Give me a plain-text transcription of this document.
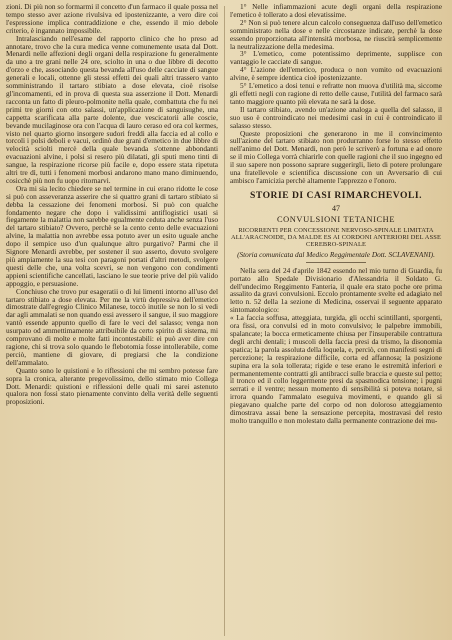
zioni. Di più non so formarmi il concetto d'un farmaco il quale possa nel tempo stesso aver azione rivulsiva ed ipostenizzante, a vero dire coi l'espressione implica contraddizione e che, essendo il mio debole criterio, è ingannato impossibile.

Intralasciando nell'esame del rapporto clinico che ho preso ad annotare, trovo che la cura medica venne comunemente usata dal Dott. Menardi nelle affezioni degli organi della respirazione fu generalmente da uno a tre grani nelle 24 ore, sciolto in una o due libbre di decotto d'orzo e che, associando questa bevanda all'uso delle cacciate di sangue generali e locali, ottenne gli stessi effetti dei quali altri trassero vanto somministrando il tartaro stibiato a dose elevata, cioè risolse gl'incomamenti, ed in prova di questa sua asserzione il Dott. Menardi racconta un fatto di pleuro-polmonite nella quale, combattuta che fu nei primi tre giorni con otto salassi, un'applicazione di sanguisughe, una cappetta scarificata alla parte dolente, due vescicatorii alle coscie, bevande mucilaginose ora con l'acqua di lauro ceraso ed ora col kermes, visto nel quarto giorno insorgere sudori freddi alla faccia ed al collo e torcoli i polsi deboli e vacui, ordinò due grani d'emetico in due libbre di velocità sciolti mercè della quale bevanda s'ottenne abbondanti evacuazioni alvine, i polsi si resero più dilatati, gli sputi meno tinti di sangue, la respirazione ricorse più facile e, dopo essere stata ripetuta altri tre dì, tutti i fenomeni morbosi andarono mano mano diminuendo, cosicchè più non fu uopo ritornarvi.

Ora mi sia lecito chiedere se nel termine in cui erano ridotte le cose si può con asseveranza asserire che si quattro grani di tartaro stibiato si debba la cessazione dei fenomeni morbosi. Si può con qualche fondamento negare che dopo i validissimi antiflogistici usati si fiegamente la malattia non sarebbe egualmente ceduta anche senza l'uso del tartaro stibiato? Ovvero, perchè se la cento cento delle evacuazioni alvine, la malattia non avrebbe essa potuto aver un esito uguale anche dopo il sempice uso d'un qualunque altro purgativo? Parmi che il Signore Menardi avrebbe, per sostener il suo asserto, dovuto svolgere più ampiamente la sua tesi con paragoni portati d'altri metodi, svolgere questi delle che, una volta scevri, se non vengono con condimenti appieni scientifiche cancellati, lasciano le sue teorie prive del più valido appoggio, e persuasione.

Conchiuso che trovo pur esageratii o di lui limenti intorno all'uso del tartaro stibiato a dose elevata. Per me la virtù depressiva dell'emetico dimostrate dall'egregio Clinico Milanese, toccò inutile se non lo si vedi dar agli ammalati se non quando essi avessero il sangue, il suo maggiore vantò essende appunto quello di fare le veci del salasso; venga non usurpato od ammettimamente attribuibile da certo spirito di sistema, mi comprovano di molte e molte fatti incontestabili: ei può aver dire con ragione, chi si trova solo quando le flebotomia fosse intollerabile, come perciò, mantiene di giovare, di pregiarsi che la condizione dell'ammalato.

Quanto sono le quistioni e lo riflessioni che mi sembro potesse fare sopra la cronica, alterante pregevolissimo, dello stimato mio Collega Dott. Menardi: quistioni e riflessioni delle quali mi sarei astenuto qualora non fossi stato pienamente convinto della verità delle seguenti proposizioni.

1° Nelle infiammazioni acute degli organi della respirazione l'emetico è tollerato a dosi elevatissime.

2° Non si può tenere alcun calcolo conseguenza dall'uso dell'emetico somministrato nella dose e nelle circostanze indicate, perchè la dose essendo proporzionata all'intensità morbosa, ne riuscirà semplicemente la neutralizzazione della medesima.

3° L'emetico, come potentissimo deprimente, supplisce con vantaggio le cacciate di sangue.

4° L'azione dell'emetico, produca o non vomito od evacuazioni alvine, è sempre identica cioè ipostenizzante.

5° L'emetico a dosi tenui e refratte non muova d'utilità ma, siccome gli effetti negli con ragione di retto delle cause, l'utilità del farmaco sarà tanto maggiore quanto più elevata ne sarà la dose.

Il tartaro stibiato, avendo un'azione analoga a quella del salasso, il suo uso è controindicato nei medesimi casi in cui è controindicato il salasso stesso.

Queste proposizioni che generarono in me il convincimento sull'azione del tartaro stibiato non produrranno forse lo stesso effetto nell'animo del Dott. Menardi, non però le scriverò a fortuna e ad onore se il mio Collega vorrà chiarirle con quelle ragioni che il suo ingegno ed il suo sapere non possono saprare suggerirgli, lieto di potere prolungare una fratellevole e scientifica discussione con un Avversario di cui ambisco l'amicizia perchè altamente l'apprezzo e l'onoro.

STORIE DI CASI RIMARCHEVOLI.
47
CONVULSIONI TETANICHE
RICORRENTI PER CONCESSIONE NERVOSO-SPINALE LIMITATA ALL'ARACNOIDE, DA MALDE ES AI CORDONI ANTERIORI DEL ASSE CEREBRO-SPINALE
(Storia comunicata dal Medico Reggimentale Dott. SCLAVENANI).

Nella sera del 24 d'aprile 1842 essendo nel mio turno di Guardia, fu portato allo Spedale Divisionario d'Alessandria il Soldato G. dell'undecimo Reggimento Fanteria, il quale era stato poche ore prima assalito da gravi convulsioni. Eccolo prontamente svelte ed adagiato nel letto n. 52 della 1a sezione di Medicina, osservai il seguente apparato sintomatologico:

« La faccia soffusa, atteggiata, turgida, gli occhi scintillanti, sporgenti, ora fissi, ora convulsi ed in moto convulsivo; le palpebre immobili, spalancate; la bocca ermeticamente chiusa per l'insuperabile contrattura degli archi dentali; i muscoli della faccia presi da trismo, la disonomia spatica; la parola assoluta della loquela, e, perciò, con manifesti segni di percezione; la respirazione difficile, corta ed affannosa; la posizione supina era la sola tollerata; rigide e tese erano le estremità inferiori e permanentemente contratti gli antibracci sulle braccia e queste sul petto; il tronco ed il collo leggermente presi da spasmodica tensione; i pugni serrati e il ventre; nessun momento di sensibilità si poteva notare, si irrora quando l'ammalato eseguiva movimenti, e quando gli si piegavano qualche parte del corpo od non doloroso atteggiamento dimostrava assai bene la sensazione percepita, mostravasi del resto molto tranquillo e non molestato dalla permanente contrazione dei mu-
